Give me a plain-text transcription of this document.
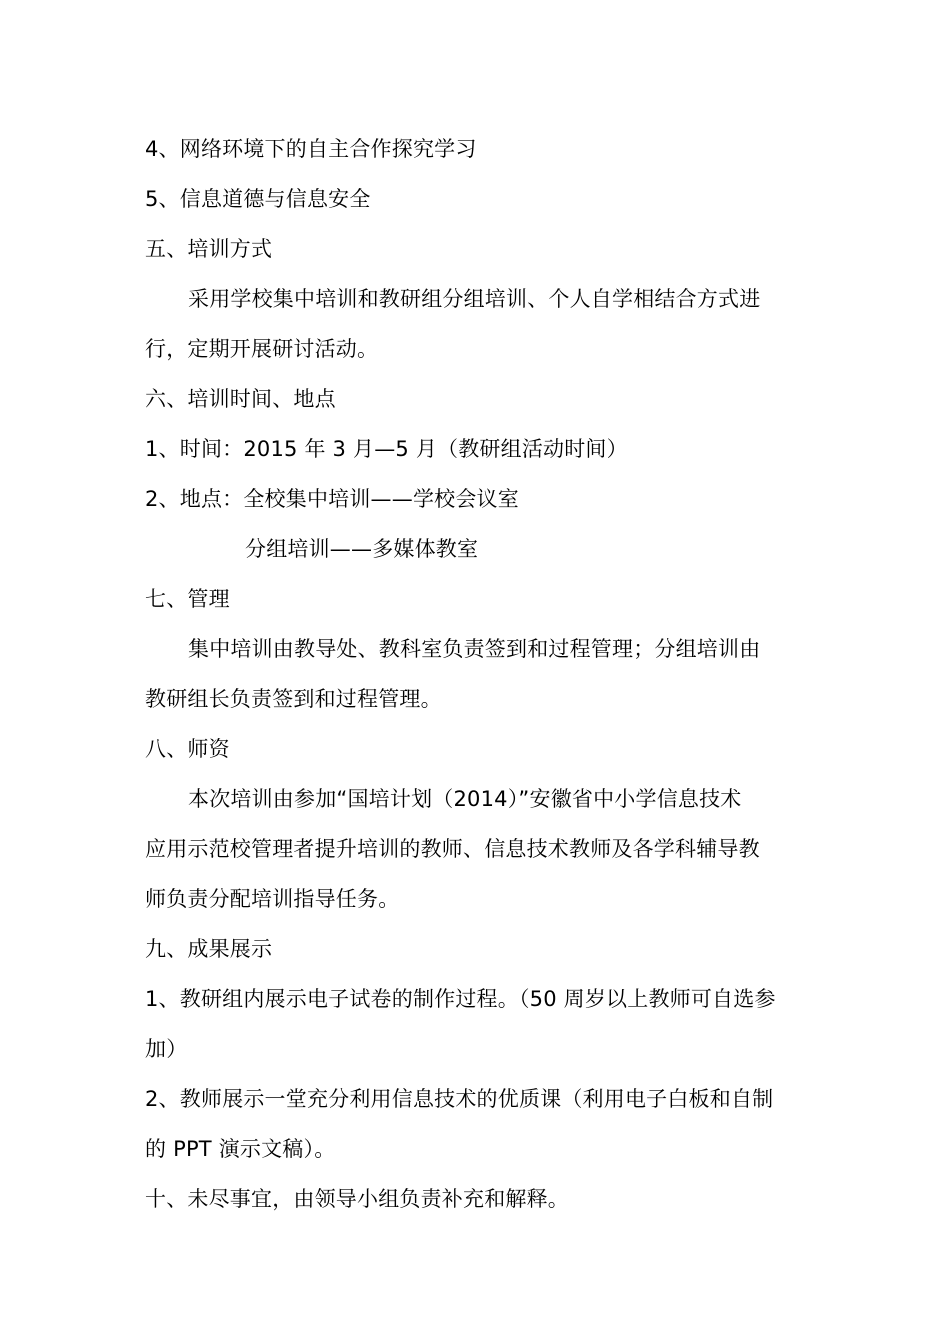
4、网络环境下的自主合作探究学习
5、信息道德与信息安全
五、培训方式
采用学校集中培训和教研组分组培训、个人自学相结合方式进
行，定期开展研讨活动。
六、培训时间、地点
1、时间：2015 年 3 月—5 月（教研组活动时间）
2、地点：全校集中培训——学校会议室
分组培训——多媒体教室
七、管理
集中培训由教导处、教科室负责签到和过程管理；分组培训由
教研组长负责签到和过程管理。
八、师资
本次培训由参加“国培计划（2014）”安徽省中小学信息技术
应用示范校管理者提升培训的教师、信息技术教师及各学科辅导教
师负责分配培训指导任务。
九、成果展示
1、教研组内展示电子试卷的制作过程。（50 周岁以上教师可自选参
加）
2、教师展示一堂充分利用信息技术的优质课（利用电子白板和自制
的 PPT 演示文稿）。
十、未尽事宜，由领导小组负责补充和解释。
